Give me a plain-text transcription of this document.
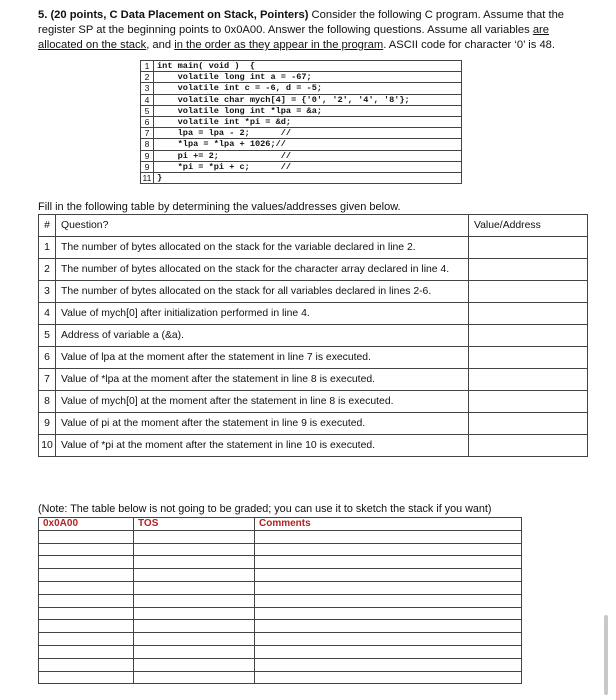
5. (20 points, C Data Placement on Stack, Pointers) Consider the following C program. Assume that the register SP at the beginning points to 0x0A00. Answer the following questions. Assume all variables are allocated on the stack, and in the order as they appear in the program. ASCII code for character ‘0’ is 48.
1	int main( void )  {
2	volatile long int a = -67;
3	volatile int c = -6, d = -5;
4	volatile char mych[4] = {'0', '2', '4', '8'};
5	volatile long int *lpa = &a;
6	volatile int *pi = &d;
7	lpa = lpa - 2;      //
8	*lpa = *lpa + 1026;//
9	pi += 2;            //
9	*pi = *pi + c;      //
11	}
Fill in the following table by determining the values/addresses given below.
#	Question?	Value/Address
1	The number of bytes allocated on the stack for the variable declared in line 2.	
2	The number of bytes allocated on the stack for the character array declared in line 4.	
3	The number of bytes allocated on the stack for all variables declared in lines 2-6.	
4	Value of mych[0] after initialization performed in line 4.	
5	Address of variable a (&a).	
6	Value of lpa at the moment after the statement in line 7 is executed.	
7	Value of *lpa at the moment after the statement in line 8 is executed.	
8	Value of mych[0] at the moment after the statement in line 8 is executed.	
9	Value of pi at the moment after the statement in line 9 is executed.	
10	Value of *pi at the moment after the statement in line 10 is executed.	
(Note: The table below is not going to be graded; you can use it to sketch the stack if you want)
0x0A00	TOS	Comments
